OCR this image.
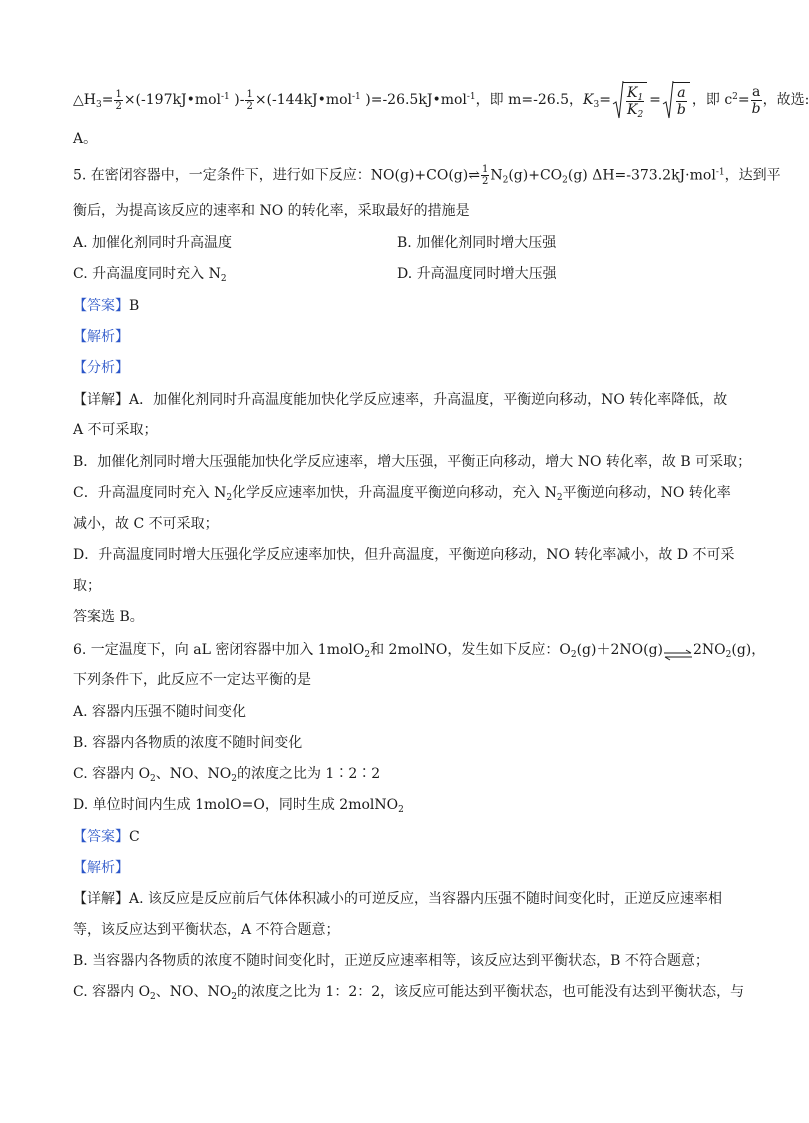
$\triangle H_3= \frac{1}{2}$ ×(-197kJ•mol$^{-1}$ )- $\frac{1}{2}$ ×(-144kJ•mol$^{-1}$ )=-26.5kJ•mol$^{-1}$，即 m=-26.5，$K_3= \frac{K_1}{K_2} = \frac{a}{b}$ ，即 $c^2= \frac{a}{b}$ ，故选:
A。
5. 在密闭容器中，一定条件下，进行如下反应：NO(g)+CO(g)⇌ $\frac{1}{2} N_2(g)+CO_2(g)$ ΔH=-373.2kJ·mol$^{-1}$，达到平
衡后，为提高该反应的速率和 NO 的转化率，采取最好的措施是
A. 加催化剂同时升高温度	B. 加催化剂同时增大压强
C. 升高温度同时充入 $N_2$	D. 升高温度同时增大压强
【答案】B
【解析】
【分析】
【详解】A．加催化剂同时升高温度能加快化学反应速率，升高温度，平衡逆向移动，NO 转化率降低，故
A 不可采取；
B．加催化剂同时增大压强能加快化学反应速率，增大压强，平衡正向移动，增大 NO 转化率，故 B 可采取；
C．升高温度同时充入 $N_2$化学反应速率加快，升高温度平衡逆向移动，充入 $N_2$平衡逆向移动，NO 转化率
减小，故 C 不可采取；
D．升高温度同时增大压强化学反应速率加快，但升高温度，平衡逆向移动，NO 转化率减小，故 D 不可采
取；
答案选 B。
6. 一定温度下，向 aL 密闭容器中加入 1molO$_2$和 2molNO，发生如下反应：$O_2(g)+2NO(g)\rightleftharpoons 2NO_2(g)$，
下列条件下，此反应不一定达平衡的是
A. 容器内压强不随时间变化
B. 容器内各物质的浓度不随时间变化
C. 容器内 $O_2$、NO、$NO_2$的浓度之比为 1∶2∶2
D. 单位时间内生成 1molO=O，同时生成 2molNO$_2$
【答案】C
【解析】
【详解】A. 该反应是反应前后气体体积减小的可逆反应，当容器内压强不随时间变化时，正逆反应速率相
等，该反应达到平衡状态，A 不符合题意；
B. 当容器内各物质的浓度不随时间变化时，正逆反应速率相等，该反应达到平衡状态，B 不符合题意；
C. 容器内 $O_2$、NO、$NO_2$的浓度之比为 1：2：2，该反应可能达到平衡状态，也可能没有达到平衡状态，与
